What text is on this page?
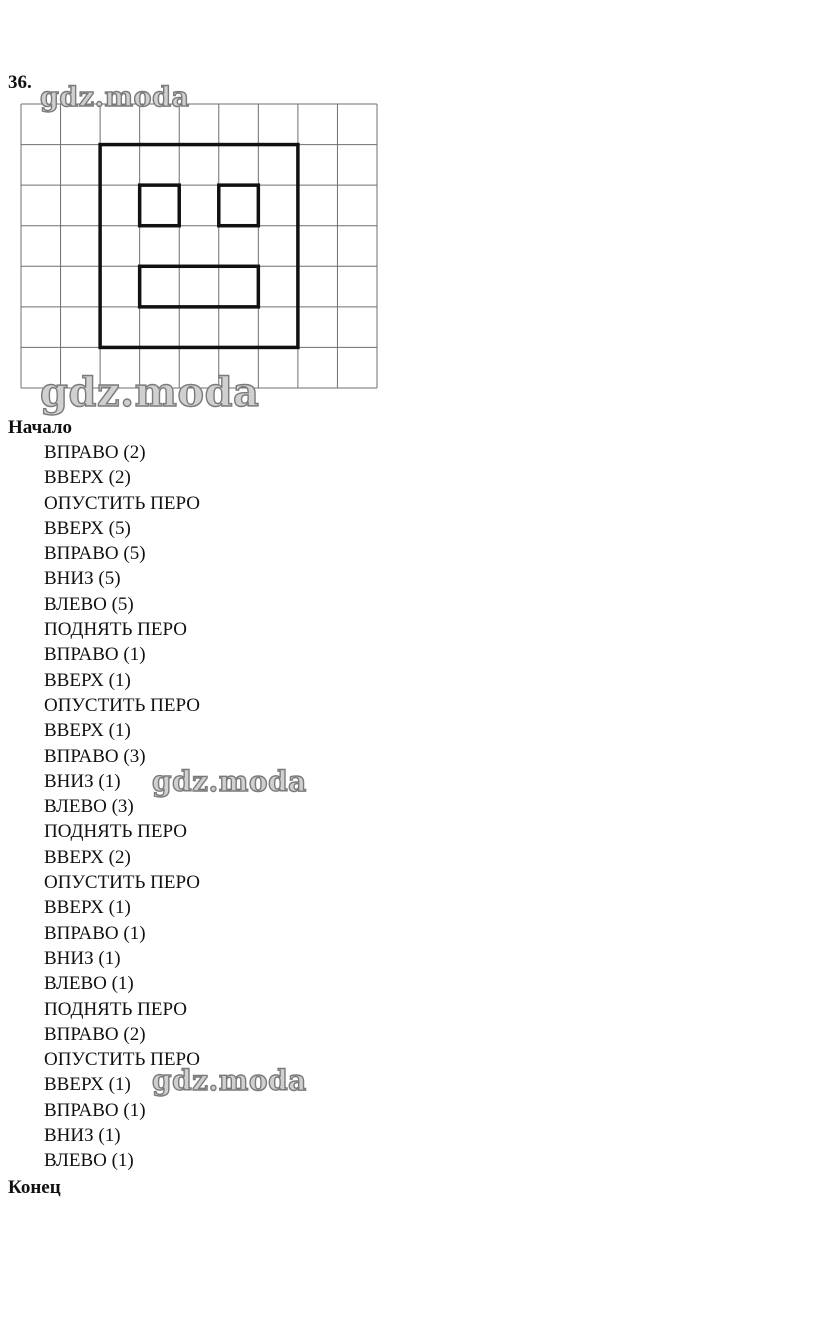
36. gdz.moda
gdz.moda
Начало
ВПРАВО (2)
ВВЕРХ (2)
ОПУСТИТЬ ПЕРО
ВВЕРХ (5)
ВПРАВО (5)
ВНИЗ (5)
ВЛЕВО (5)
ПОДНЯТЬ ПЕРО
ВПРАВО (1)
ВВЕРХ (1)
ОПУСТИТЬ ПЕРО
ВВЕРХ (1)
ВПРАВО (3)
ВНИЗ (1)
ВЛЕВО (3)
ПОДНЯТЬ ПЕРО
ВВЕРХ (2)
ОПУСТИТЬ ПЕРО
ВВЕРХ (1)
ВПРАВО (1)
ВНИЗ (1)
ВЛЕВО (1)
ПОДНЯТЬ ПЕРО
ВПРАВО (2)
ОПУСТИТЬ ПЕРО
ВВЕРХ (1)
ВПРАВО (1)
ВНИЗ (1)
ВЛЕВО (1)
gdz.moda
gdz.moda
Конец
